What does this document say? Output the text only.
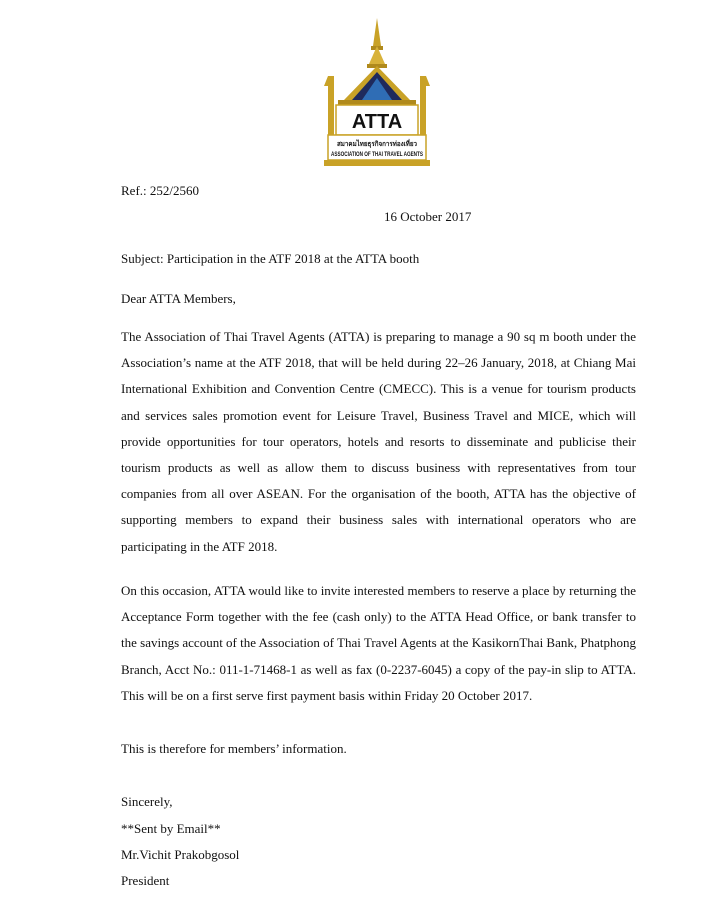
ATTA
สมาคมไทยธุรกิจการท่องเที่ยว
ASSOCIATION OF THAI TRAVEL AGENTS
Ref.: 252/2560
16 October 2017
Subject: Participation in the ATF 2018 at the ATTA booth
Dear ATTA Members,
The Association of Thai Travel Agents (ATTA) is preparing to manage a 90 sq m booth under the Association’s name at the ATF 2018, that will be held during 22–26 January, 2018, at Chiang Mai International Exhibition and Convention Centre (CMECC). This is a venue for tourism products and services sales promotion event for Leisure Travel, Business Travel and MICE, which will provide opportunities for tour operators, hotels and resorts to disseminate and publicise their tourism products as well as allow them to discuss business with representatives from tour companies from all over ASEAN. For the organisation of the booth, ATTA has the objective of supporting members to expand their business sales with international operators who are participating in the ATF 2018.
On this occasion, ATTA would like to invite interested members to reserve a place by returning the Acceptance Form together with the fee (cash only) to the ATTA Head Office, or bank transfer to the savings account of the Association of Thai Travel Agents at the KasikornThai Bank, Phatphong Branch, Acct No.: 011-1-71468-1 as well as fax (0-2237-6045) a copy of the pay-in slip to ATTA. This will be on a first serve first payment basis within Friday 20 October 2017.
This is therefore for members’ information.
Sincerely,
**Sent by Email**
Mr.Vichit Prakobgosol
President
